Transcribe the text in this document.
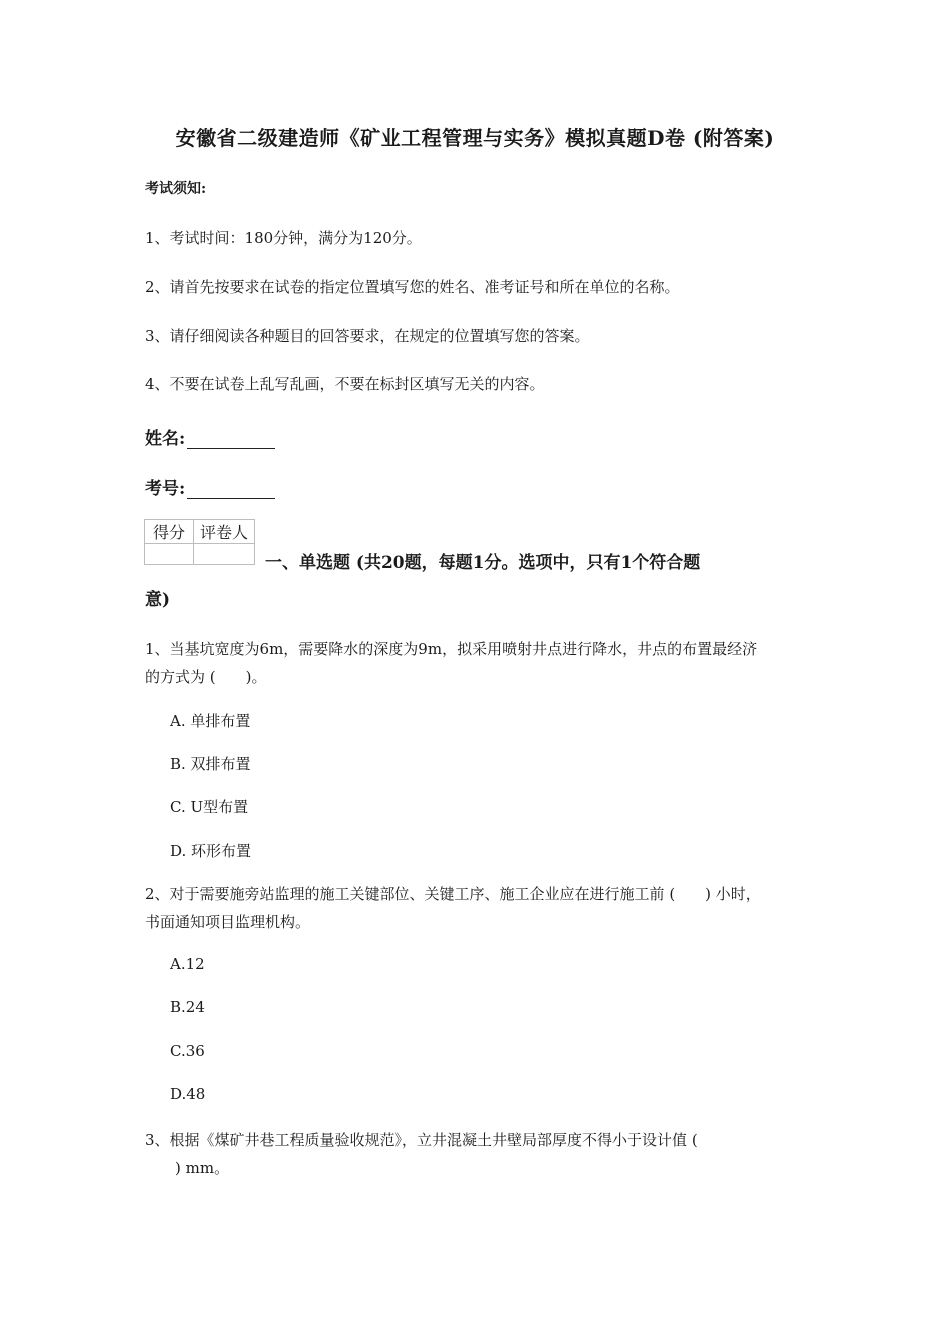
安徽省二级建造师《矿业工程管理与实务》模拟真题D卷 (附答案)
考试须知:
1、考试时间：180分钟，满分为120分。
2、请首先按要求在试卷的指定位置填写您的姓名、准考证号和所在单位的名称。
3、请仔细阅读各种题目的回答要求，在规定的位置填写您的答案。
4、不要在试卷上乱写乱画，不要在标封区填写无关的内容。
姓名:
考号:
得分	评卷人

一、单选题 (共20题，每题1分。选项中，只有1个符合题
意)
1、当基坑宽度为6m，需要降水的深度为9m，拟采用喷射井点进行降水，井点的布置最经济
的方式为 (　　)。
A. 单排布置
B. 双排布置
C. U型布置
D. 环形布置
2、对于需要施旁站监理的施工关键部位、关键工序、施工企业应在进行施工前 (　　) 小时，
书面通知项目监理机构。
A.12
B.24
C.36
D.48
3、根据《煤矿井巷工程质量验收规范》，立井混凝土井壁局部厚度不得小于设计值 (
　　) mm。
